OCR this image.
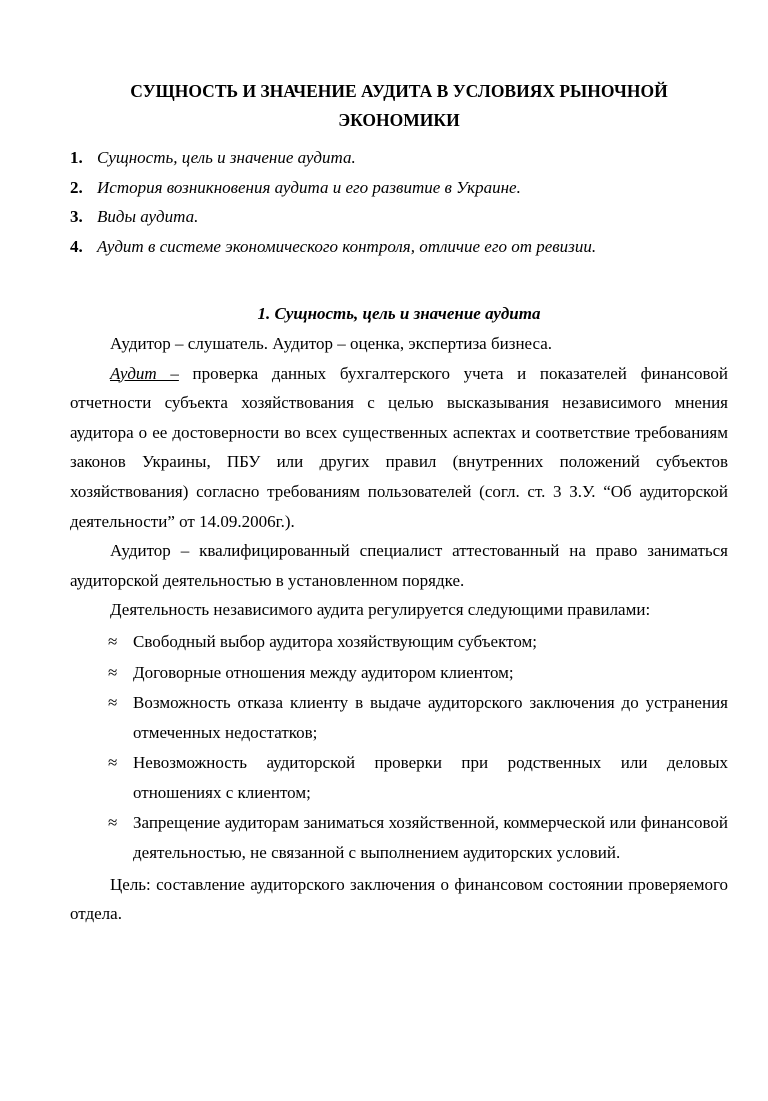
СУЩНОСТЬ И ЗНАЧЕНИЕ АУДИТА В УСЛОВИЯХ РЫНОЧНОЙ
ЭКОНОМИКИ
1. Сущность, цель и значение аудита.
2. История возникновения аудита и его развитие в Украине.
3. Виды аудита.
4. Аудит в системе экономического контроля, отличие его от ревизии.
1. Сущность, цель и значение аудита

Аудитор – слушатель. Аудитор – оценка, экспертиза бизнеса.

Аудит – проверка данных бухгалтерского учета и показателей финансовой отчетности субъекта хозяйствования с целью высказывания независимого мнения аудитора о ее достоверности во всех существенных аспектах и соответствие требованиям законов Украины, ПБУ или других правил (внутренних положений субъектов хозяйствования) согласно требованиям пользователей (согл. ст. 3 З.У. “Об аудиторской деятельности” от 14.09.2006г.).

Аудитор – квалифицированный специалист аттестованный на право заниматься аудиторской деятельностью в установленном порядке.

Деятельность независимого аудита регулируется следующими правилами:

≈ Свободный выбор аудитора хозяйствующим субъектом;
≈ Договорные отношения между аудитором клиентом;
≈ Возможность отказа клиенту в выдаче аудиторского заключения до устранения отмеченных недостатков;
≈ Невозможность аудиторской проверки при родственных или деловых отношениях с клиентом;
≈ Запрещение аудиторам заниматься хозяйственной, коммерческой или финансовой деятельностью, не связанной с выполнением аудиторских условий.

Цель: составление аудиторского заключения о финансовом состоянии проверяемого отдела.
